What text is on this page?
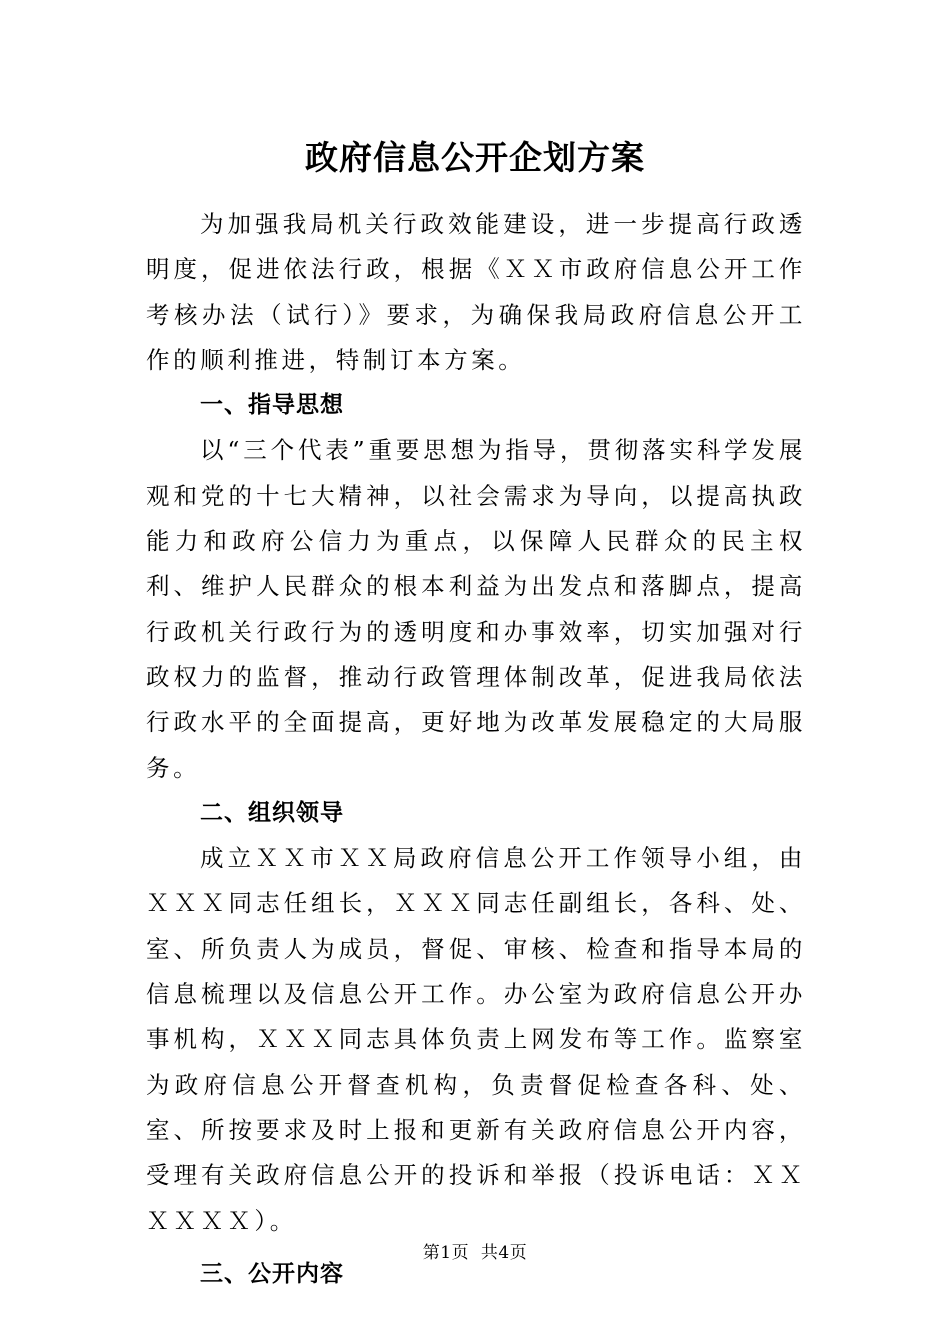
政府信息公开企划方案

为加强我局机关行政效能建设，进一步提高行政透明度，促进依法行政，根据《ＸＸ市政府信息公开工作考核办法（试行）》要求，为确保我局政府信息公开工作的顺利推进，特制订本方案。

一、指导思想

以“三个代表”重要思想为指导，贯彻落实科学发展观和党的十七大精神，以社会需求为导向，以提高执政能力和政府公信力为重点，以保障人民群众的民主权利、维护人民群众的根本利益为出发点和落脚点，提高行政机关行政行为的透明度和办事效率，切实加强对行政权力的监督，推动行政管理体制改革，促进我局依法行政水平的全面提高，更好地为改革发展稳定的大局服务。

二、组织领导

成立ＸＸ市ＸＸ局政府信息公开工作领导小组，由ＸＸＸ同志任组长，ＸＸＸ同志任副组长，各科、处、室、所负责人为成员，督促、审核、检查和指导本局的信息梳理以及信息公开工作。办公室为政府信息公开办事机构，ＸＸＸ同志具体负责上网发布等工作。监察室为政府信息公开督查机构，负责督促检查各科、处、室、所按要求及时上报和更新有关政府信息公开内容，受理有关政府信息公开的投诉和举报（投诉电话：ＸＸＸＸＸＸ）。

三、公开内容
第1页 共4页
